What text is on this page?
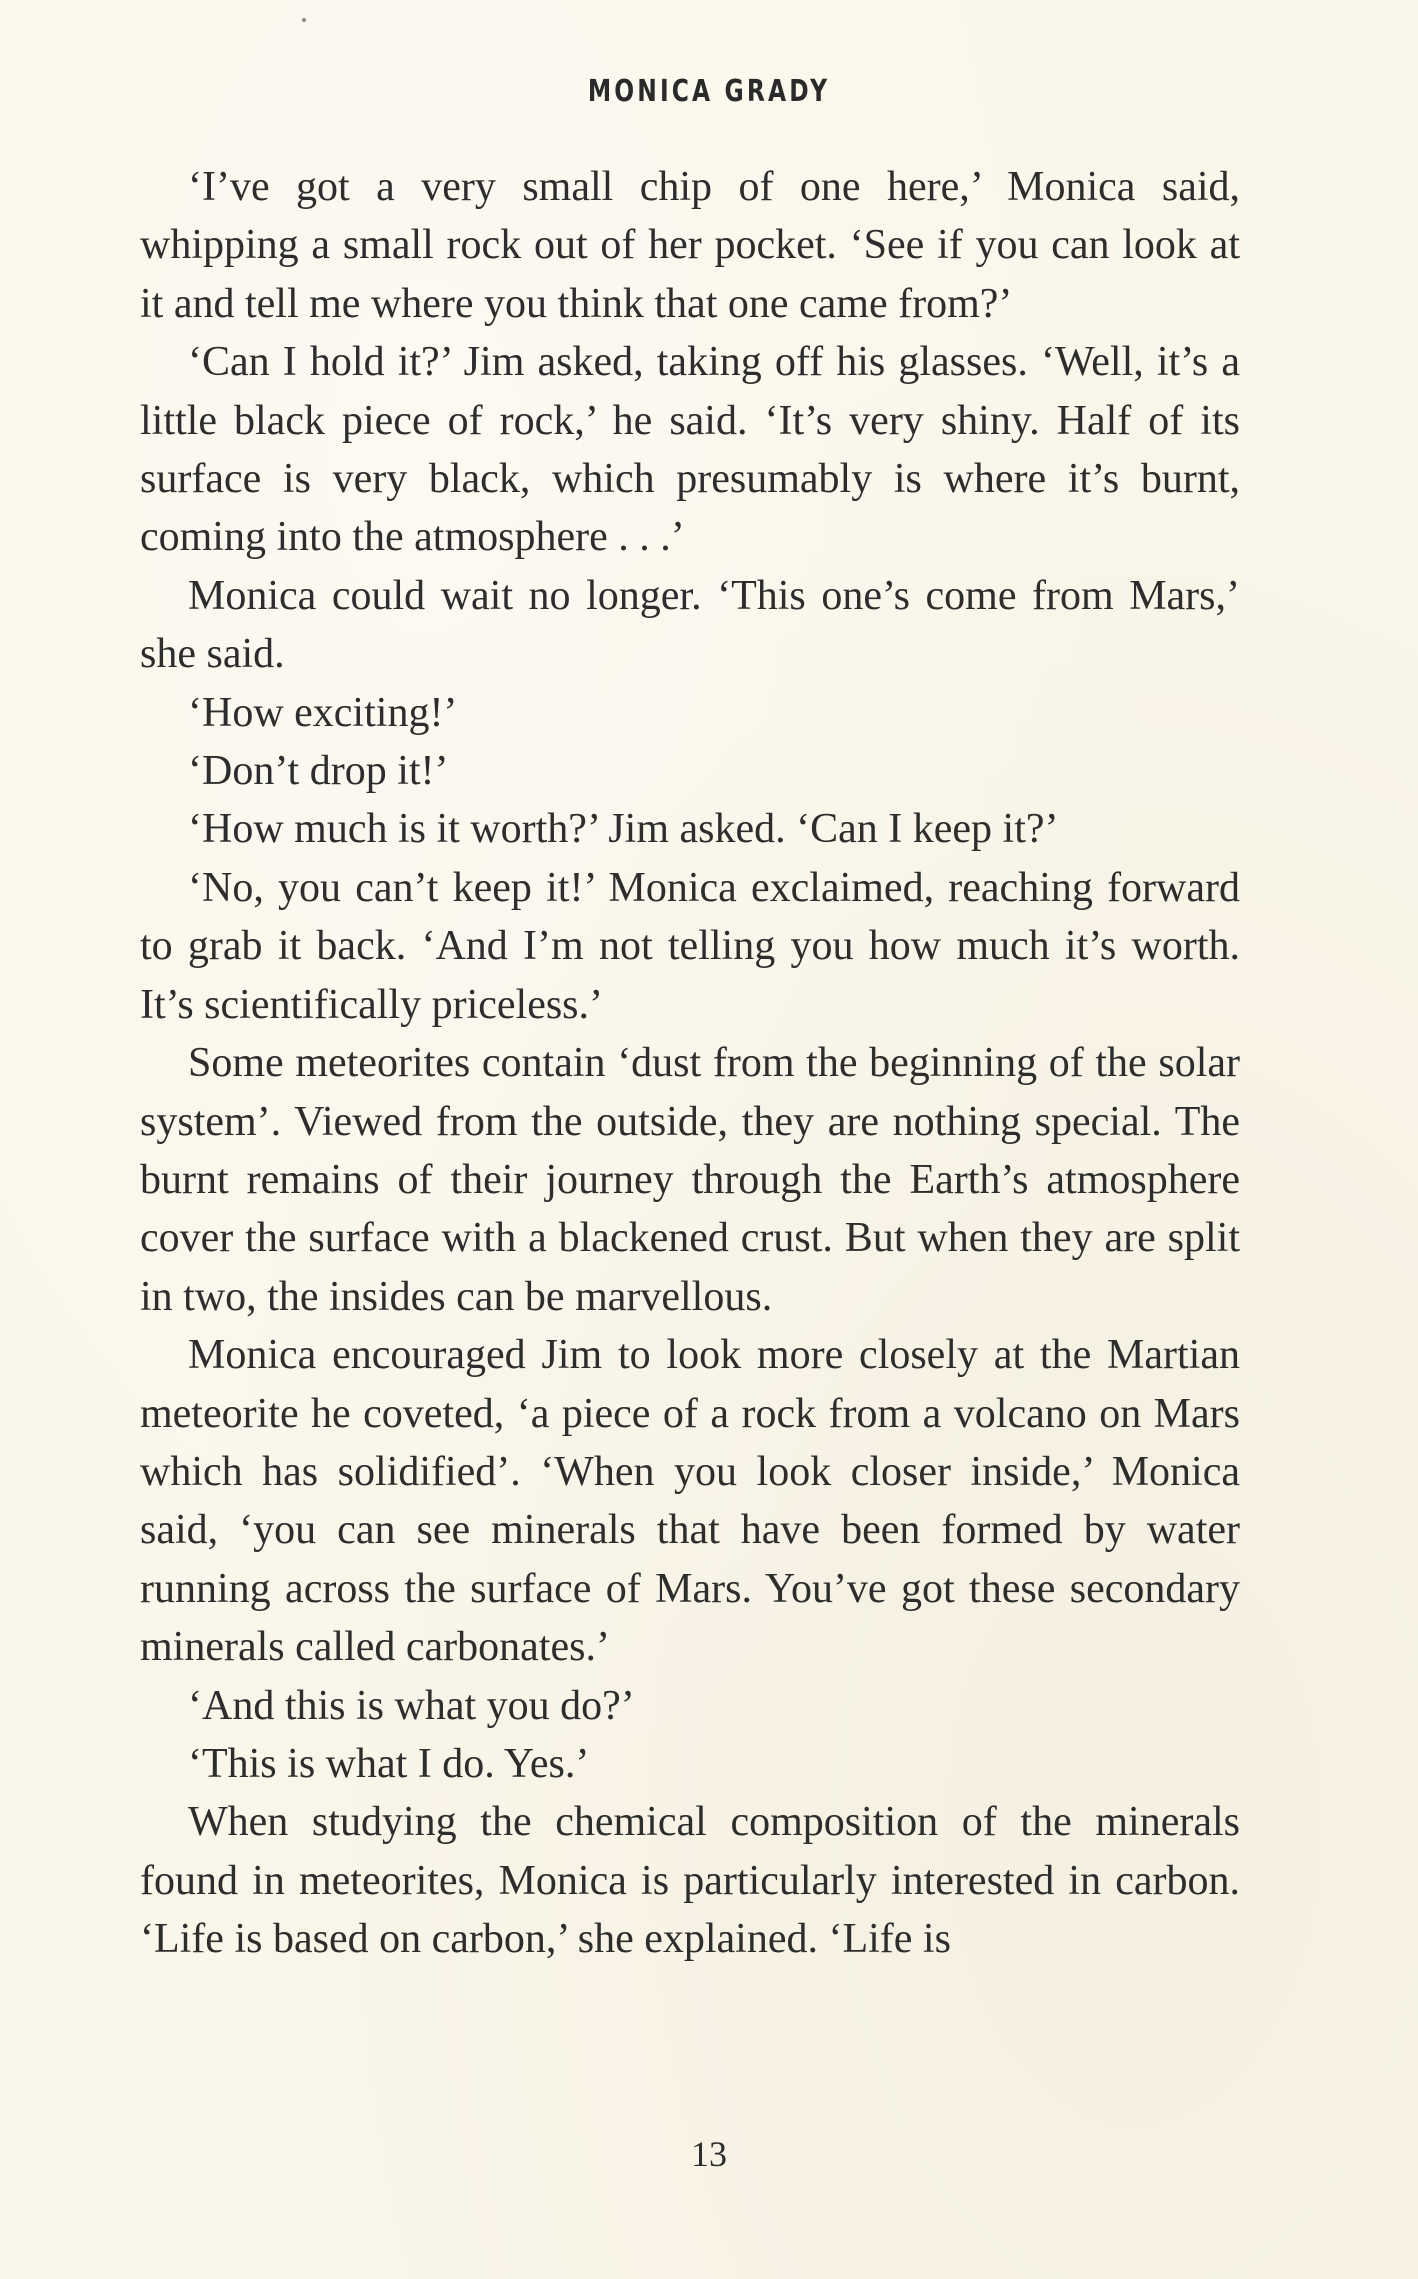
MONICA GRADY

‘I’ve got a very small chip of one here,’ Monica said, whipping a small rock out of her pocket. ‘See if you can look at it and tell me where you think that one came from?’

‘Can I hold it?’ Jim asked, taking off his glasses. ‘Well, it’s a little black piece of rock,’ he said. ‘It’s very shiny. Half of its surface is very black, which presumably is where it’s burnt, coming into the atmosphere . . .’

Monica could wait no longer. ‘This one’s come from Mars,’ she said.

‘How exciting!’

‘Don’t drop it!’

‘How much is it worth?’ Jim asked. ‘Can I keep it?’

‘No, you can’t keep it!’ Monica exclaimed, reaching forward to grab it back. ‘And I’m not telling you how much it’s worth. It’s scientifically priceless.’

Some meteorites contain ‘dust from the beginning of the solar system’. Viewed from the outside, they are nothing special. The burnt remains of their journey through the Earth’s atmosphere cover the surface with a blackened crust. But when they are split in two, the insides can be marvellous.

Monica encouraged Jim to look more closely at the Martian meteorite he coveted, ‘a piece of a rock from a volcano on Mars which has solidified’. ‘When you look closer inside,’ Monica said, ‘you can see minerals that have been formed by water running across the surface of Mars. You’ve got these secondary minerals called carbonates.’

‘And this is what you do?’

‘This is what I do. Yes.’

When studying the chemical composition of the minerals found in meteorites, Monica is particularly interested in carbon. ‘Life is based on carbon,’ she explained. ‘Life is

13
